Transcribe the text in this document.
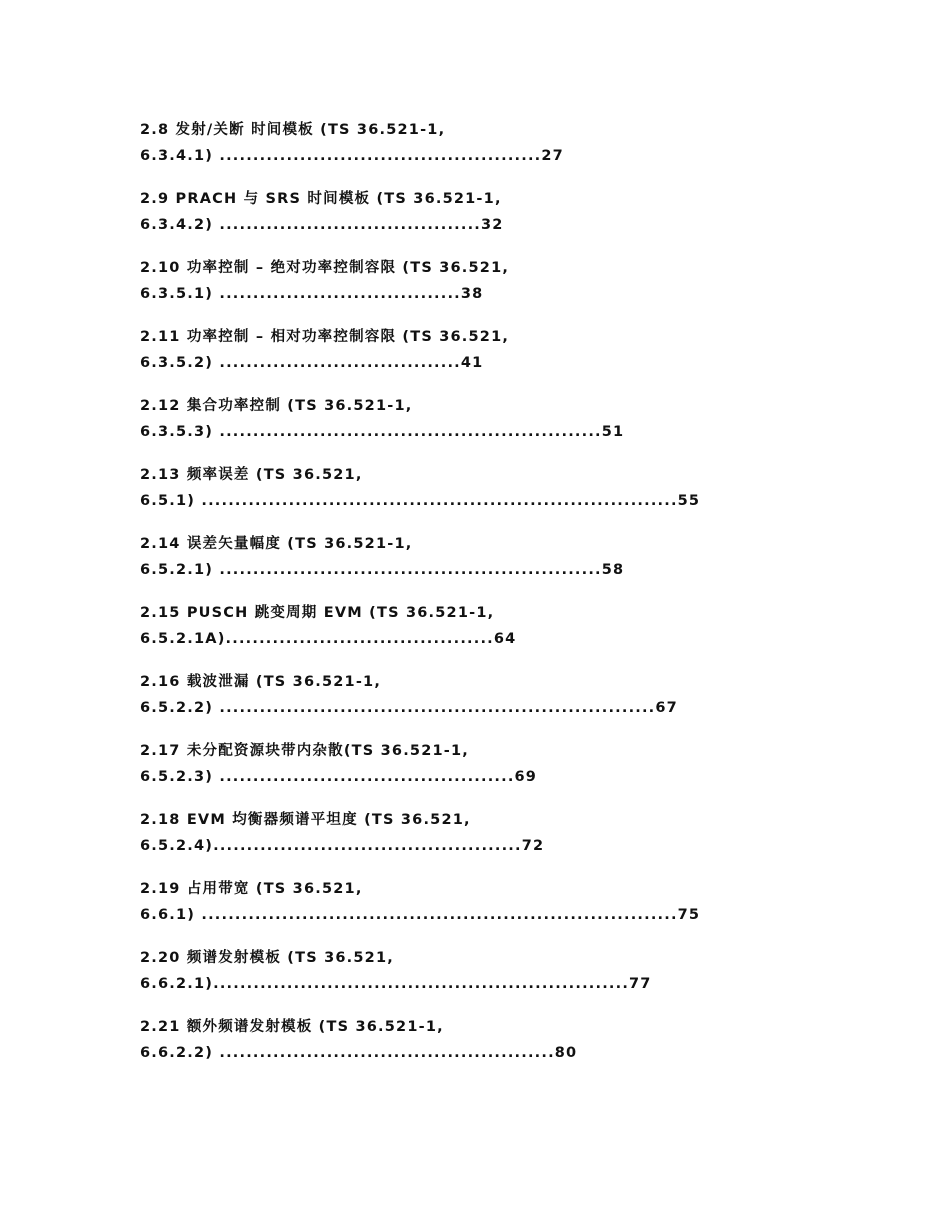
2.8 发射/关断 时间模板 (TS 36.521-1,
6.3.4.1) ................................................27
2.9 PRACH 与 SRS 时间模板 (TS 36.521-1,
6.3.4.2) .......................................32
2.10 功率控制 – 绝对功率控制容限 (TS 36.521,
6.3.5.1) ....................................38
2.11 功率控制 – 相对功率控制容限 (TS 36.521,
6.3.5.2) ....................................41
2.12 集合功率控制 (TS 36.521-1,
6.3.5.3) .........................................................51
2.13 频率误差 (TS 36.521,
6.5.1) .......................................................................55
2.14 误差矢量幅度 (TS 36.521-1,
6.5.2.1) .........................................................58
2.15 PUSCH 跳变周期 EVM (TS 36.521-1,
6.5.2.1A)........................................64
2.16 载波泄漏 (TS 36.521-1,
6.5.2.2) .................................................................67
2.17 未分配资源块带内杂散(TS 36.521-1,
6.5.2.3) ............................................69
2.18 EVM 均衡器频谱平坦度 (TS 36.521,
6.5.2.4)..............................................72
2.19 占用带宽 (TS 36.521,
6.6.1) .......................................................................75
2.20 频谱发射模板 (TS 36.521,
6.6.2.1)..............................................................77
2.21 额外频谱发射模板 (TS 36.521-1,
6.6.2.2) ..................................................80
